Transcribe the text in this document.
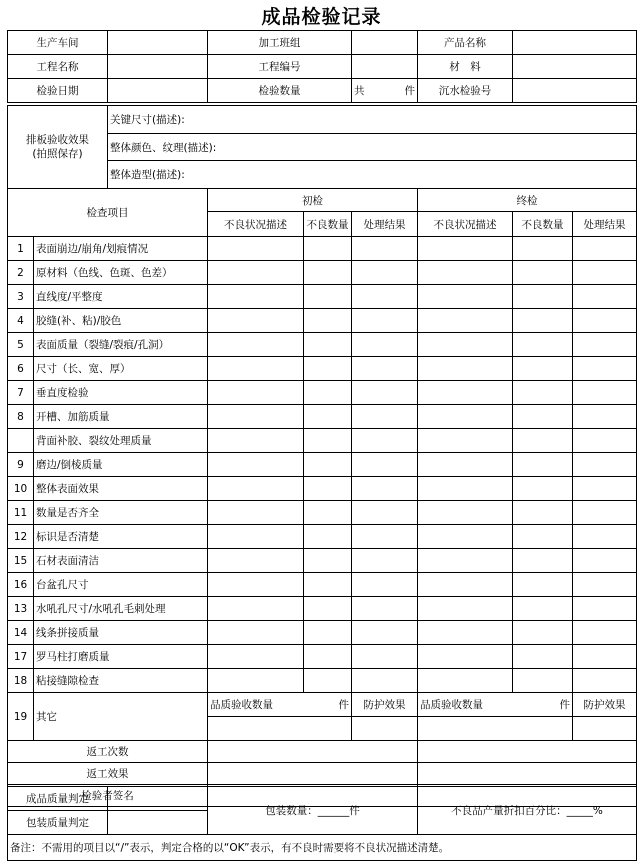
成品检验记录
生产车间		加工班组		产品名称	
工程名称		工程编号		材　料	
检验日期		检验数量	共 件	沉水检验号	
排板验收效果
(拍照保存)	关键尺寸(描述):
整体颜色、纹理(描述):
整体造型(描述):
检查项目		初检			终检		
		不良状况描述	不良数量	处理结果	不良状况描述	不良数量	处理结果
1	表面崩边/崩角/划痕情况						
2	原材料（色线、色斑、色差）						
3	直线度/平整度						
4	胶缝(补、粘)/胶色						
5	表面质量（裂缝/裂痕/孔洞）						
6	尺寸（长、宽、厚）						
7	垂直度检验						
8	开槽、加筋质量						
	背面补胶、裂纹处理质量						
9	磨边/倒棱质量						
10	整体表面效果						
11	数量是否齐全						
12	标识是否清楚						
15	石材表面清洁						
16	台盆孔尺寸						
13	水吼孔尺寸/水吼孔毛刺处理						
14	线条拼接质量						
17	罗马柱打磨质量						
18	粘接缝隙检查						
19	其它	品质验收数量 件		防护效果	品质验收数量 件		防护效果

返工次数							
返工效果							
检验者签名							
成品质量判定		包装数量：______件	不良品产量折扣百分比：_____%
包装质量判定			
备注：不需用的项目以“/”表示，判定合格的以“OK”表示，有不良时需要将不良状况描述清楚。			
